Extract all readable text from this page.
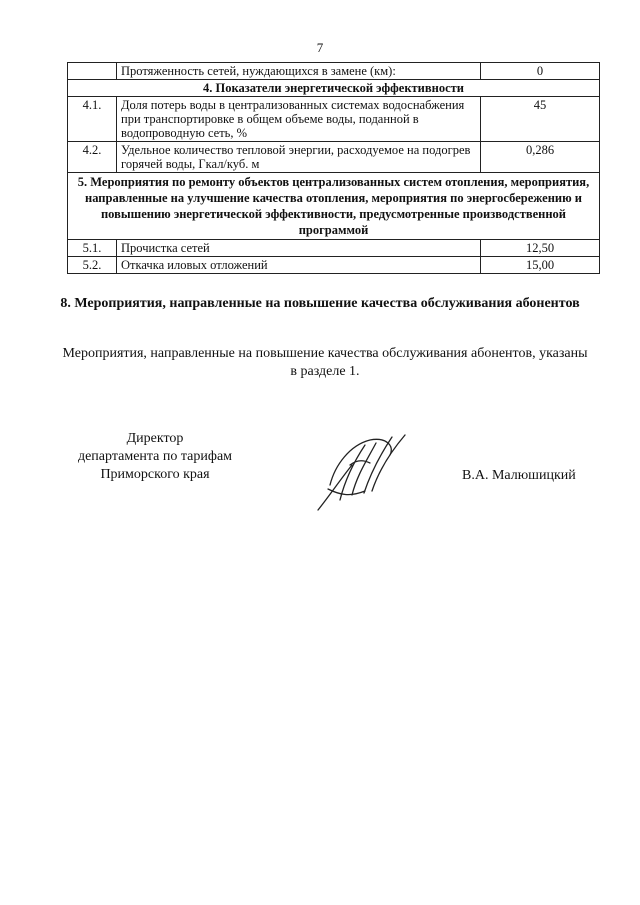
7
	Протяженность сетей, нуждающихся в замене (км):	0
4. Показатели энергетической эффективности		
4.1.	Доля потерь воды в централизованных системах водоснабжения при транспортировке в общем объеме воды, поданной в водопроводную сеть, %	45
4.2.	Удельное количество тепловой энергии, расходуемое на подогрев горячей воды, Гкал/куб. м	0,286
5. Мероприятия по ремонту объектов централизованных систем отопления, мероприятия, направленные на улучшение качества отопления, мероприятия по энергосбережению и повышению энергетической эффективности, предусмотренные производственной программой		
5.1.	Прочистка сетей	12,50
5.2.	Откачка иловых отложений	15,00
8. Мероприятия, направленные на повышение качества обслуживания абонентов
Мероприятия, направленные на повышение качества обслуживания абонентов, указаны в разделе 1.
Директор
департамента по тарифам
Приморского края	В.А. Малюшицкий
